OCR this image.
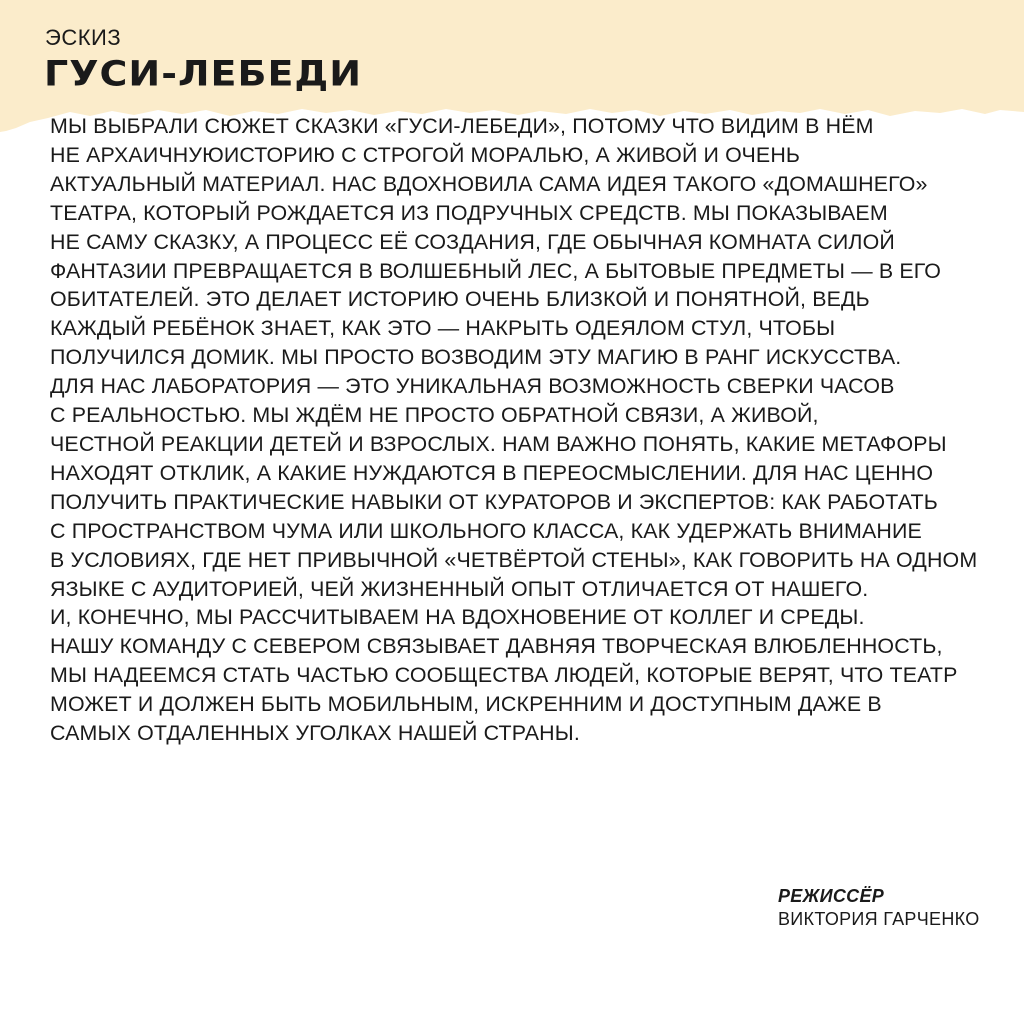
ЭСКИЗ
ГУСИ-ЛЕБЕДИ
МЫ ВЫБРАЛИ СЮЖЕТ СКАЗКИ «ГУСИ-ЛЕБЕДИ», ПОТОМУ ЧТО ВИДИМ В НЁМ
НЕ АРХАИЧНУЮИСТОРИЮ С СТРОГОЙ МОРАЛЬЮ, А ЖИВОЙ И ОЧЕНЬ
АКТУАЛЬНЫЙ МАТЕРИАЛ. НАС ВДОХНОВИЛА САМА ИДЕЯ ТАКОГО «ДОМАШНЕГО»
ТЕАТРА, КОТОРЫЙ РОЖДАЕТСЯ ИЗ ПОДРУЧНЫХ СРЕДСТВ. МЫ ПОКАЗЫВАЕМ
НЕ САМУ СКАЗКУ, А ПРОЦЕСС ЕЁ СОЗДАНИЯ, ГДЕ ОБЫЧНАЯ КОМНАТА СИЛОЙ
ФАНТАЗИИ ПРЕВРАЩАЕТСЯ В ВОЛШЕБНЫЙ ЛЕС, А БЫТОВЫЕ ПРЕДМЕТЫ — В ЕГО
ОБИТАТЕЛЕЙ. ЭТО ДЕЛАЕТ ИСТОРИЮ ОЧЕНЬ БЛИЗКОЙ И ПОНЯТНОЙ, ВЕДЬ
КАЖДЫЙ РЕБЁНОК ЗНАЕТ, КАК ЭТО — НАКРЫТЬ ОДЕЯЛОМ СТУЛ, ЧТОБЫ
ПОЛУЧИЛСЯ ДОМИК. МЫ ПРОСТО ВОЗВОДИМ ЭТУ МАГИЮ В РАНГ ИСКУССТВА.
ДЛЯ НАС ЛАБОРАТОРИЯ — ЭТО УНИКАЛЬНАЯ ВОЗМОЖНОСТЬ СВЕРКИ ЧАСОВ
С РЕАЛЬНОСТЬЮ. МЫ ЖДЁМ НЕ ПРОСТО ОБРАТНОЙ СВЯЗИ, А ЖИВОЙ,
ЧЕСТНОЙ РЕАКЦИИ ДЕТЕЙ И ВЗРОСЛЫХ. НАМ ВАЖНО ПОНЯТЬ, КАКИЕ МЕТАФОРЫ
НАХОДЯТ ОТКЛИК, А КАКИЕ НУЖДАЮТСЯ В ПЕРЕОСМЫСЛЕНИИ. ДЛЯ НАС ЦЕННО
ПОЛУЧИТЬ ПРАКТИЧЕСКИЕ НАВЫКИ ОТ КУРАТОРОВ И ЭКСПЕРТОВ: КАК РАБОТАТЬ
С ПРОСТРАНСТВОМ ЧУМА ИЛИ ШКОЛЬНОГО КЛАССА, КАК УДЕРЖАТЬ ВНИМАНИЕ
В УСЛОВИЯХ, ГДЕ НЕТ ПРИВЫЧНОЙ «ЧЕТВЁРТОЙ СТЕНЫ», КАК ГОВОРИТЬ НА ОДНОМ
ЯЗЫКЕ С АУДИТОРИЕЙ, ЧЕЙ ЖИЗНЕННЫЙ ОПЫТ ОТЛИЧАЕТСЯ ОТ НАШЕГО.
И, КОНЕЧНО, МЫ РАССЧИТЫВАЕМ НА ВДОХНОВЕНИЕ ОТ КОЛЛЕГ И СРЕДЫ.
НАШУ КОМАНДУ С СЕВЕРОМ СВЯЗЫВАЕТ ДАВНЯЯ ТВОРЧЕСКАЯ ВЛЮБЛЕННОСТЬ,
МЫ НАДЕЕМСЯ СТАТЬ ЧАСТЬЮ СООБЩЕСТВА ЛЮДЕЙ, КОТОРЫЕ ВЕРЯТ, ЧТО ТЕАТР
МОЖЕТ И ДОЛЖЕН БЫТЬ МОБИЛЬНЫМ, ИСКРЕННИМ И ДОСТУПНЫМ ДАЖЕ В
САМЫХ ОТДАЛЕННЫХ УГОЛКАХ НАШЕЙ СТРАНЫ.
РЕЖИССЁР
ВИКТОРИЯ ГАРЧЕНКО
